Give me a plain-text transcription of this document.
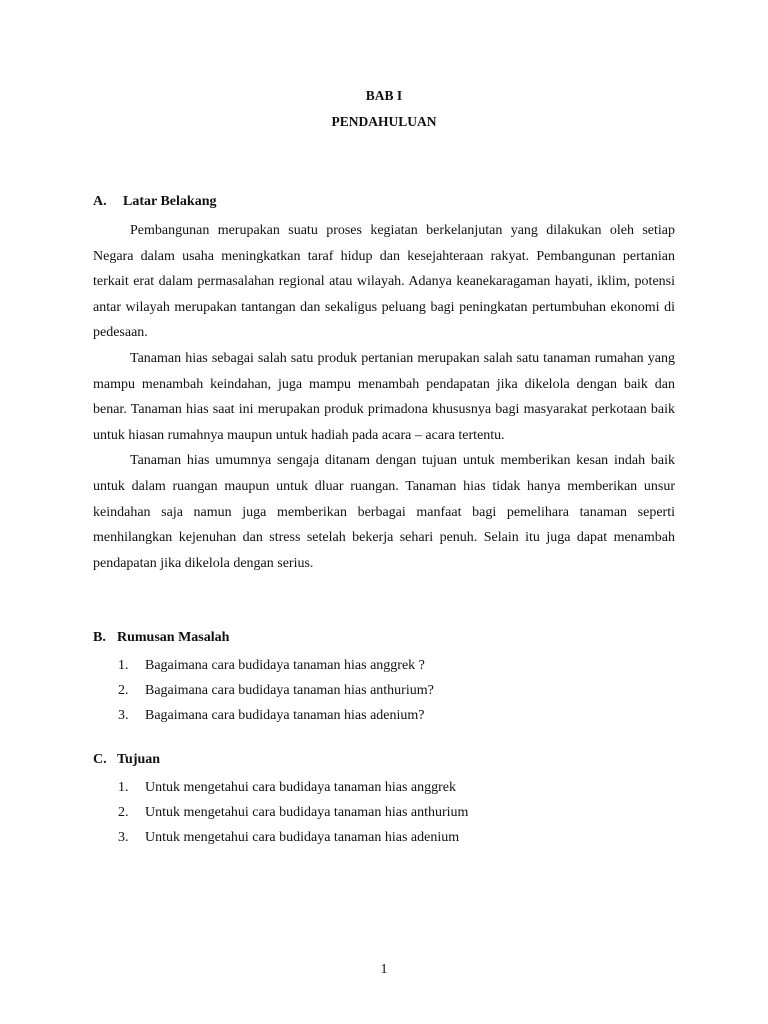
BAB I
PENDAHULUAN
A. Latar Belakang

Pembangunan merupakan suatu proses kegiatan berkelanjutan yang dilakukan oleh setiap Negara dalam usaha meningkatkan taraf hidup dan kesejahteraan rakyat. Pembangunan pertanian terkait erat dalam permasalahan regional atau wilayah. Adanya keanekaragaman hayati, iklim, potensi antar wilayah merupakan tantangan dan sekaligus peluang bagi peningkatan pertumbuhan ekonomi di pedesaan.

Tanaman hias sebagai salah satu produk pertanian merupakan salah satu tanaman rumahan yang mampu menambah keindahan, juga mampu menambah pendapatan jika dikelola dengan baik dan benar. Tanaman hias saat ini merupakan produk primadona khususnya bagi masyarakat perkotaan baik untuk hiasan rumahnya maupun untuk hadiah pada acara – acara tertentu.

Tanaman hias umumnya sengaja ditanam dengan tujuan untuk memberikan kesan indah baik untuk dalam ruangan maupun untuk dluar ruangan. Tanaman hias tidak hanya memberikan unsur keindahan saja namun juga memberikan berbagai manfaat bagi pemelihara tanaman seperti menhilangkan kejenuhan dan stress setelah bekerja sehari penuh. Selain itu juga dapat menambah pendapatan jika dikelola dengan serius.

B. Rumusan Masalah
1. Bagaimana cara budidaya tanaman hias anggrek ?
2. Bagaimana cara budidaya tanaman hias anthurium?
3. Bagaimana cara budidaya tanaman hias adenium?
C. Tujuan
1. Untuk mengetahui cara budidaya tanaman hias anggrek
2. Untuk mengetahui cara budidaya tanaman hias anthurium
3. Untuk mengetahui cara budidaya tanaman hias adenium
1
